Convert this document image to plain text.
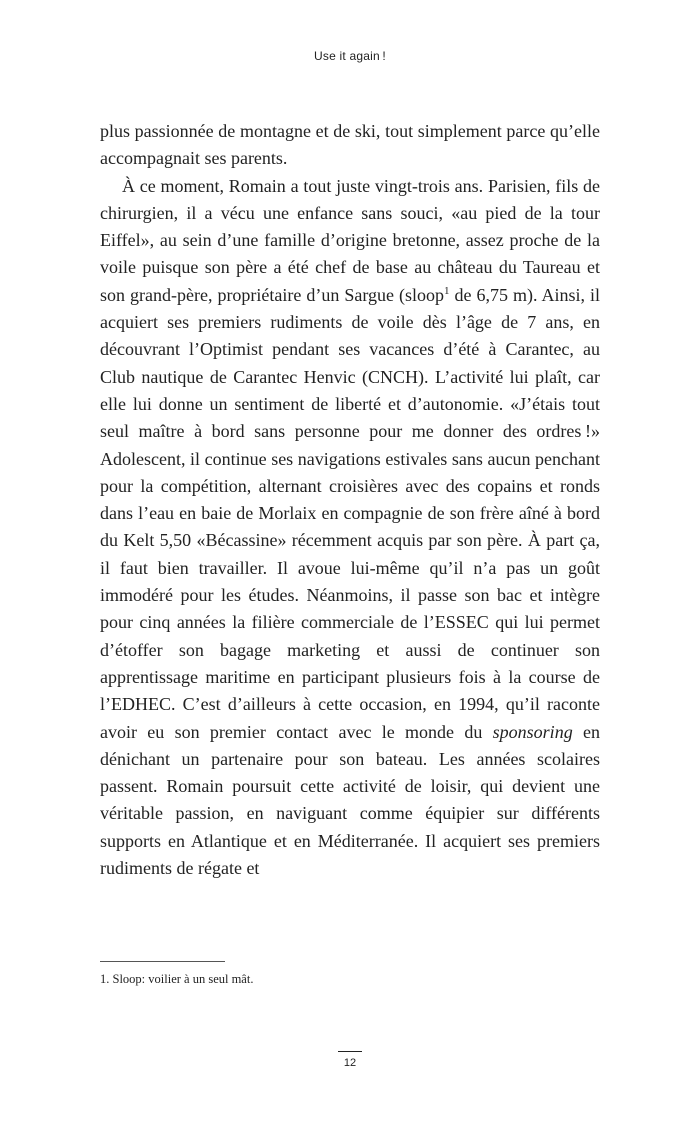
Use it again !

plus passionnée de montagne et de ski, tout simplement parce qu’elle accompagnait ses parents.

À ce moment, Romain a tout juste vingt-trois ans. Parisien, fils de chirurgien, il a vécu une enfance sans souci, «au pied de la tour Eiffel», au sein d’une famille d’origine bretonne, assez proche de la voile puisque son père a été chef de base au château du Taureau et son grand-père, propriétaire d’un Sargue (sloop$^1$ de 6,75 m). Ainsi, il acquiert ses premiers rudiments de voile dès l’âge de 7 ans, en découvrant l’Optimist pendant ses vacances d’été à Carantec, au Club nautique de Carantec Henvic (CNCH). L’activité lui plaît, car elle lui donne un sentiment de liberté et d’autonomie. «J’étais tout seul maître à bord sans personne pour me donner des ordres !» Adolescent, il continue ses navigations estivales sans aucun penchant pour la compétition, alternant croisières avec des copains et ronds dans l’eau en baie de Morlaix en compagnie de son frère aîné à bord du Kelt 5,50 «Bécassine» récemment acquis par son père. À part ça, il faut bien travailler. Il avoue lui-même qu’il n’a pas un goût immodéré pour les études. Néanmoins, il passe son bac et intègre pour cinq années la filière commerciale de l’ESSEC qui lui permet d’étoffer son bagage marketing et aussi de continuer son apprentissage maritime en participant plusieurs fois à la course de l’EDHEC. C’est d’ailleurs à cette occasion, en 1994, qu’il raconte avoir eu son premier contact avec le monde du sponsoring en dénichant un partenaire pour son bateau. Les années scolaires passent. Romain poursuit cette activité de loisir, qui devient une véritable passion, en naviguant comme équipier sur différents supports en Atlantique et en Méditerranée. Il acquiert ses premiers rudiments de régate et

1. Sloop: voilier à un seul mât.
12
